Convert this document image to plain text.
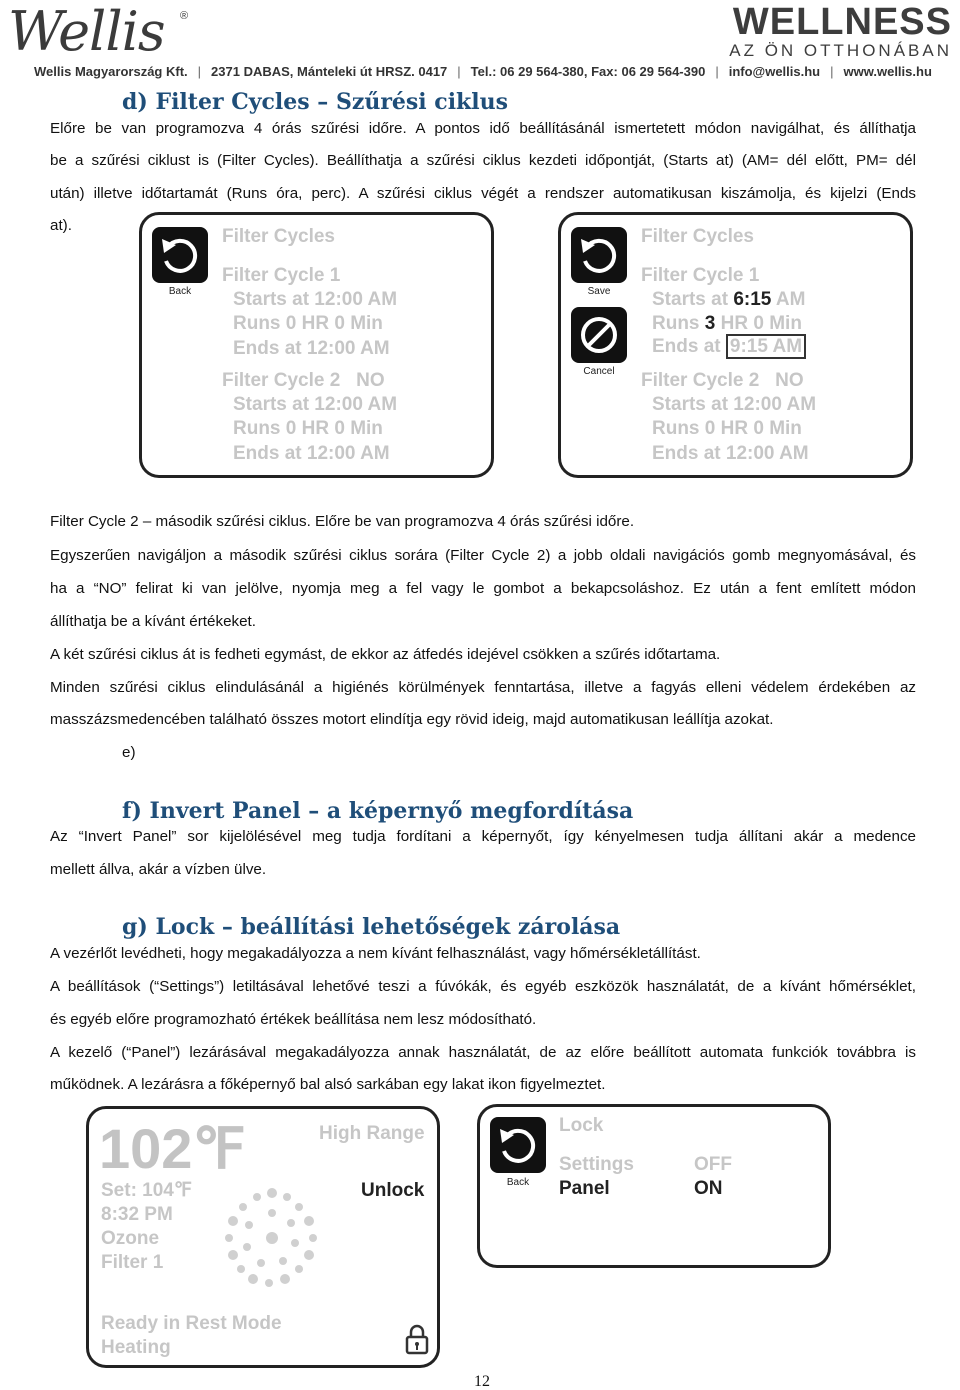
Wellis ®	WELLNESS
AZ ÖN OTTHONÁBAN
Wellis Magyarország Kft. | 2371 DABAS, Mánteleki út HRSZ. 0417 | Tel.: 06 29 564-380, Fax: 06 29 564-390 | info@wellis.hu | www.wellis.hu
d) Filter Cycles – Szűrési ciklus
Előre be van programozva 4 órás szűrési időre. A pontos idő beállításánál ismertetett módon navigálhat, és állíthatja
be a szűrési ciklust is (Filter Cycles). Beállíthatja a szűrési ciklus kezdeti időpontját, (Starts at) (AM= dél előtt, PM= dél
után) illetve időtartamát (Runs óra, perc). A szűrési ciklus végét a rendszer automatikusan kiszámolja, és kijelzi (Ends
at).
Back
Filter Cycles
Filter Cycle 1
Starts at 12:00 AM
Runs 0 HR 0 Min
Ends at 12:00 AM
Filter Cycle 2 NO
Starts at 12:00 AM
Runs 0 HR 0 Min
Ends at 12:00 AM
Save
Cancel
Filter Cycles
Filter Cycle 1
Starts at 6:15 AM
Runs 3 HR 0 Min
Ends at 9:15 AM
Filter Cycle 2 NO
Starts at 12:00 AM
Runs 0 HR 0 Min
Ends at 12:00 AM
Filter Cycle 2 – második szűrési ciklus. Előre be van programozva 4 órás szűrési időre.
Egyszerűen navigáljon a második szűrési ciklus sorára (Filter Cycle 2) a jobb oldali navigációs gomb megnyomásával, és
ha a “NO” felirat ki van jelölve, nyomja meg a fel vagy le gombot a bekapcsoláshoz. Ez után a fent említett módon
állíthatja be a kívánt értékeket.
A két szűrési ciklus át is fedheti egymást, de ekkor az átfedés idejével csökken a szűrés időtartama.
Minden szűrési ciklus elindulásánál a higiénés körülmények fenntartása, illetve a fagyás elleni védelem érdekében az
masszázsmedencében található összes motort elindítja egy rövid ideig, majd automatikusan leállítja azokat.
e)
f) Invert Panel – a képernyő megfordítása
Az “Invert Panel” sor kijelölésével meg tudja fordítani a képernyőt, így kényelmesen tudja állítani akár a medence
mellett állva, akár a vízben ülve.
g) Lock – beállítási lehetőségek zárolása
A vezérlőt levédheti, hogy megakadályozza a nem kívánt felhasználást, vagy hőmérsékletállítást.
A beállítások (“Settings”) letiltásával lehetővé teszi a fúvókák, és egyéb eszközök használatát, de a kívánt hőmérséklet,
és egyéb előre programozható értékek beállítása nem lesz módosítható.
A kezelő (“Panel”) lezárásával megakadályozza annak használatát, de az előre beállított automata funkciók továbbra is
működnek. A lezárásra a főképernyő bal alsó sarkában egy lakat ikon figyelmeztet.
102℉	High Range
Set: 104℉
8:32 PM
Ozone
Filter 1
Unlock
Ready in Rest Mode
Heating
Back
Lock
Settings	OFF
Panel	ON
12
